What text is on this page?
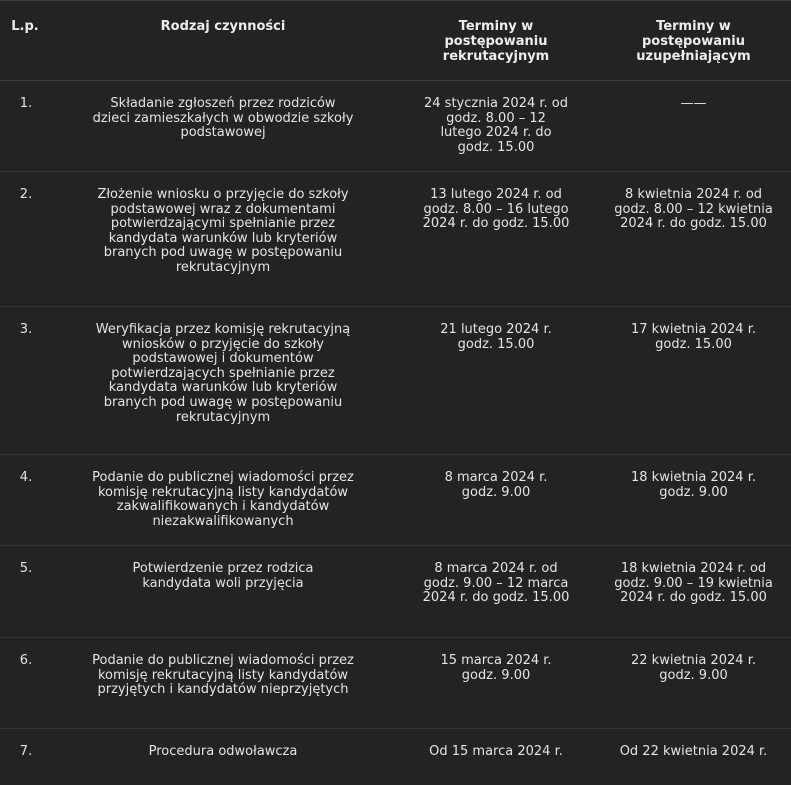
L.p.	Rodzaj czynności	Terminy w postępowaniu rekrutacyjnym	Terminy w postępowaniu uzupełniającym
1.	Składanie zgłoszeń przez rodziców dzieci zamieszkałych w obwodzie szkoły podstawowej	24 stycznia 2024 r. od godz. 8.00 – 12 lutego 2024 r. do godz. 15.00	——
2.	Złożenie wniosku o przyjęcie do szkoły podstawowej wraz z dokumentami potwierdzającymi spełnianie przez kandydata warunków lub kryteriów branych pod uwagę w postępowaniu rekrutacyjnym	13 lutego 2024 r. od godz. 8.00 – 16 lutego 2024 r. do godz. 15.00	8 kwietnia 2024 r. od godz. 8.00 – 12 kwietnia 2024 r. do godz. 15.00
3.	Weryfikacja przez komisję rekrutacyjną wniosków o przyjęcie do szkoły podstawowej i dokumentów potwierdzających spełnianie przez kandydata warunków lub kryteriów branych pod uwagę w postępowaniu rekrutacyjnym	21 lutego 2024 r. godz. 15.00	17 kwietnia 2024 r. godz. 15.00
4.	Podanie do publicznej wiadomości przez komisję rekrutacyjną listy kandydatów zakwalifikowanych i kandydatów niezakwalifikowanych	8 marca 2024 r. godz. 9.00	18 kwietnia 2024 r. godz. 9.00
5.	Potwierdzenie przez rodzica kandydata woli przyjęcia	8 marca 2024 r. od godz. 9.00 – 12 marca 2024 r. do godz. 15.00	18 kwietnia 2024 r. od godz. 9.00 – 19 kwietnia 2024 r. do godz. 15.00
6.	Podanie do publicznej wiadomości przez komisję rekrutacyjną listy kandydatów przyjętych i kandydatów nieprzyjętych	15 marca 2024 r. godz. 9.00	22 kwietnia 2024 r. godz. 9.00
7.	Procedura odwoławcza	Od 15 marca 2024 r.	Od 22 kwietnia 2024 r.
